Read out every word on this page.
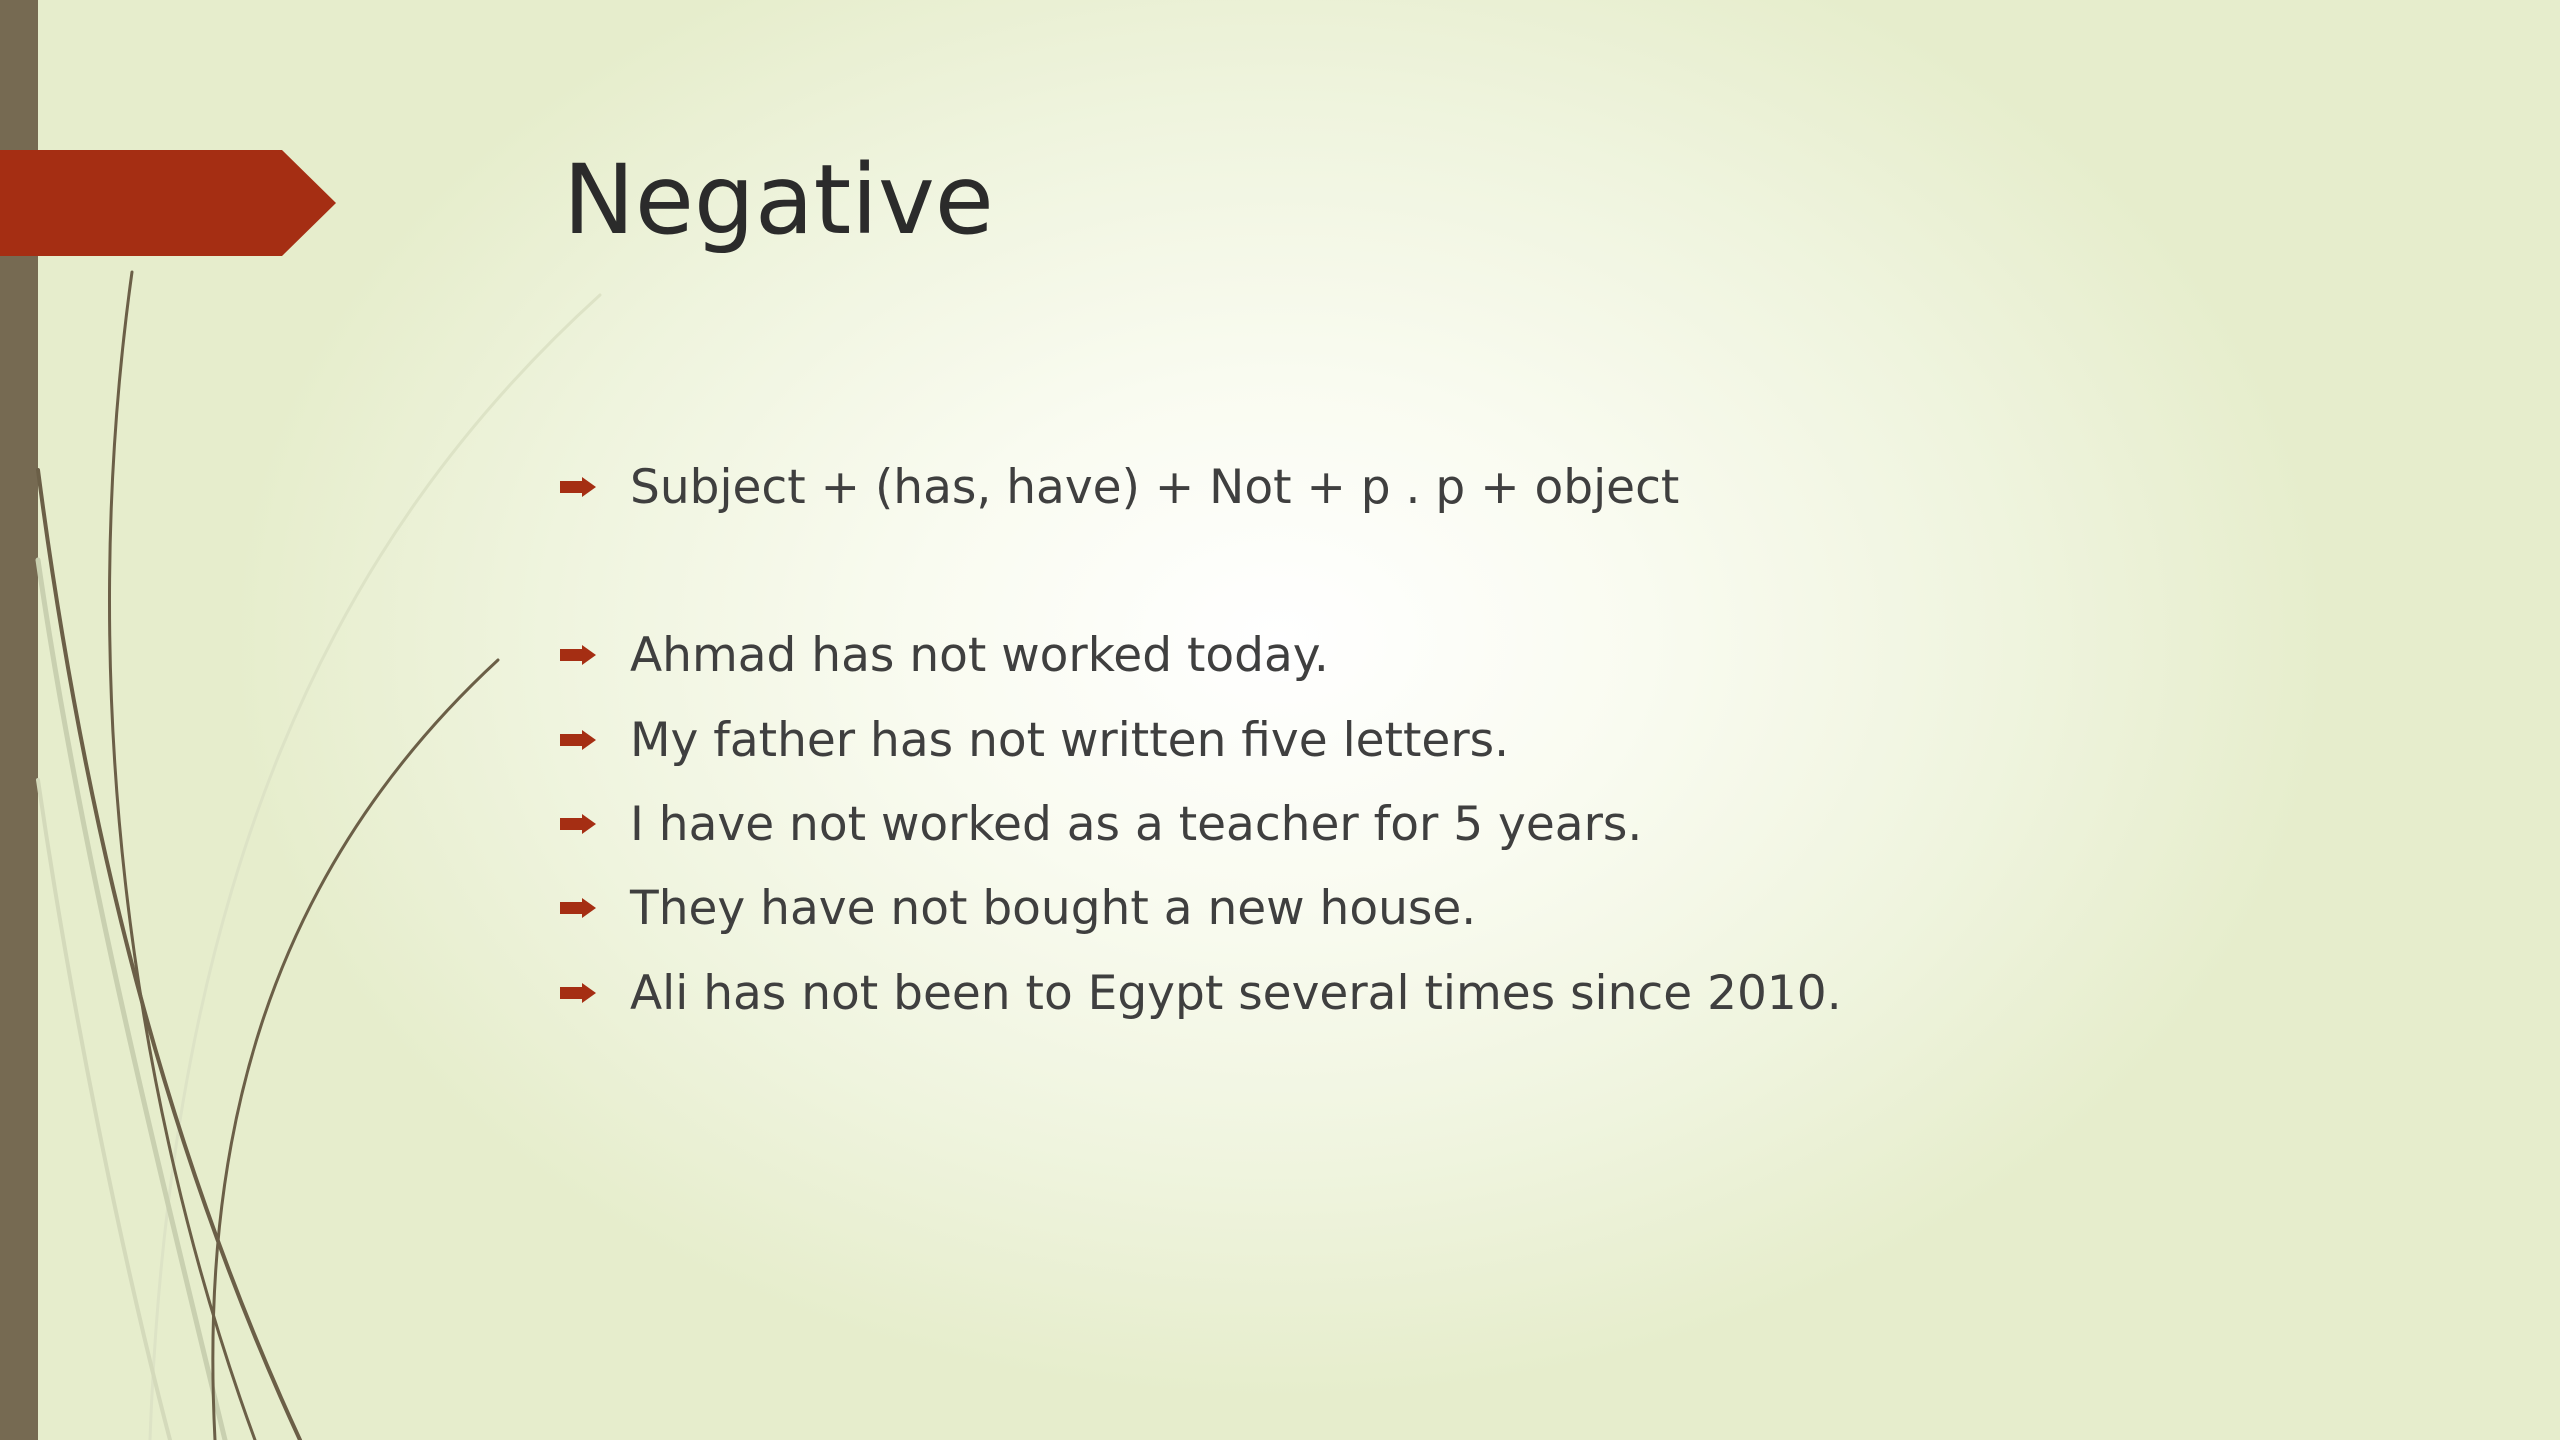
Negative
Subject + (has, have) + Not + p . p + object
Ahmad has not worked today.
My father has not written five letters.
I have not worked as a teacher for 5 years.
They have not bought a new house.
Ali has not been to Egypt several times since 2010.
